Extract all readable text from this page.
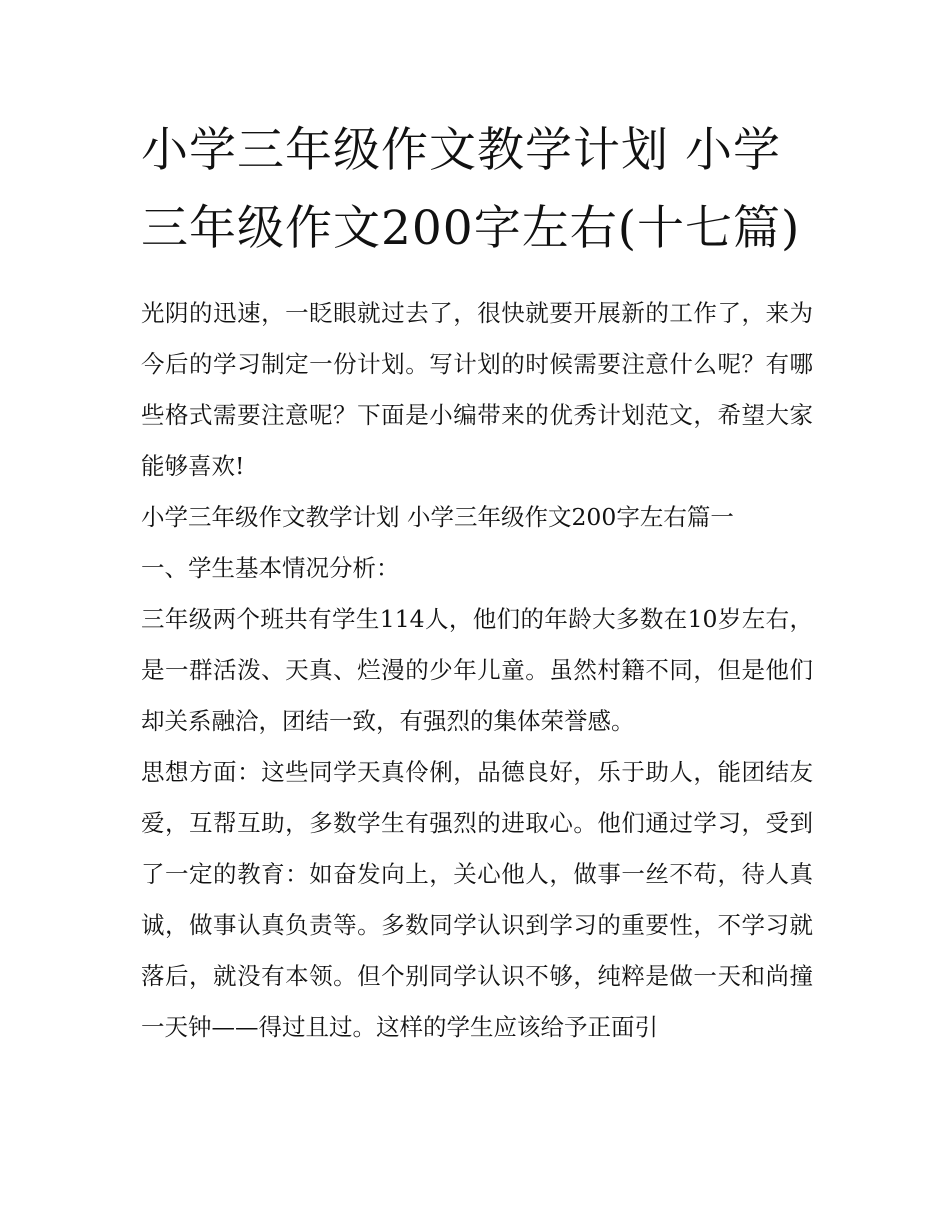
小学三年级作文教学计划 小学三年级作文200字左右(十七篇)

光阴的迅速，一眨眼就过去了，很快就要开展新的工作了，来为今后的学习制定一份计划。写计划的时候需要注意什么呢？有哪些格式需要注意呢？下面是小编带来的优秀计划范文，希望大家能够喜欢!

小学三年级作文教学计划 小学三年级作文200字左右篇一

一、学生基本情况分析：

三年级两个班共有学生114人，他们的年龄大多数在10岁左右，是一群活泼、天真、烂漫的少年儿童。虽然村籍不同，但是他们却关系融洽，团结一致，有强烈的集体荣誉感。

思想方面：这些同学天真伶俐，品德良好，乐于助人，能团结友爱，互帮互助，多数学生有强烈的进取心。他们通过学习，受到了一定的教育：如奋发向上，关心他人，做事一丝不苟，待人真诚，做事认真负责等。多数同学认识到学习的重要性，不学习就落后，就没有本领。但个别同学认识不够，纯粹是做一天和尚撞一天钟——得过且过。这样的学生应该给予正面引
